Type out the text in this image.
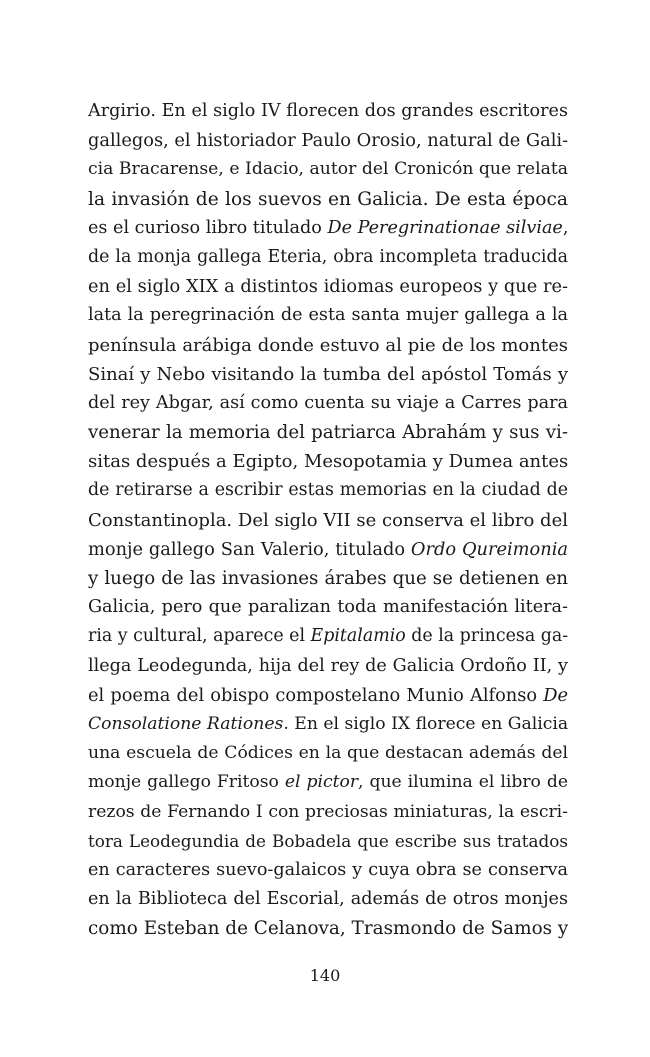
Argirio. En el siglo IV florecen dos grandes escritores
gallegos, el historiador Paulo Orosio, natural de Gali-
cia Bracarense, e Idacio, autor del Cronicón que relata
la invasión de los suevos en Galicia. De esta época
es el curioso libro titulado De Peregrinationae silviae,
de la monja gallega Eteria, obra incompleta traducida
en el siglo XIX a distintos idiomas europeos y que re-
lata la peregrinación de esta santa mujer gallega a la
península arábiga donde estuvo al pie de los montes
Sinaí y Nebo visitando la tumba del apóstol Tomás y
del rey Abgar, así como cuenta su viaje a Carres para
venerar la memoria del patriarca Abrahám y sus vi-
sitas después a Egipto, Mesopotamia y Dumea antes
de retirarse a escribir estas memorias en la ciudad de
Constantinopla. Del siglo VII se conserva el libro del
monje gallego San Valerio, titulado Ordo Qureimonia
y luego de las invasiones árabes que se detienen en
Galicia, pero que paralizan toda manifestación litera-
ria y cultural, aparece el Epitalamio de la princesa ga-
llega Leodegunda, hija del rey de Galicia Ordoño II, y
el poema del obispo compostelano Munio Alfonso De
Consolatione Rationes. En el siglo IX florece en Galicia
una escuela de Códices en la que destacan además del
monje gallego Fritoso el pictor, que ilumina el libro de
rezos de Fernando I con preciosas miniaturas, la escri-
tora Leodegundia de Bobadela que escribe sus tratados
en caracteres suevo-galaicos y cuya obra se conserva
en la Biblioteca del Escorial, además de otros monjes
como Esteban de Celanova, Trasmondo de Samos y
140
